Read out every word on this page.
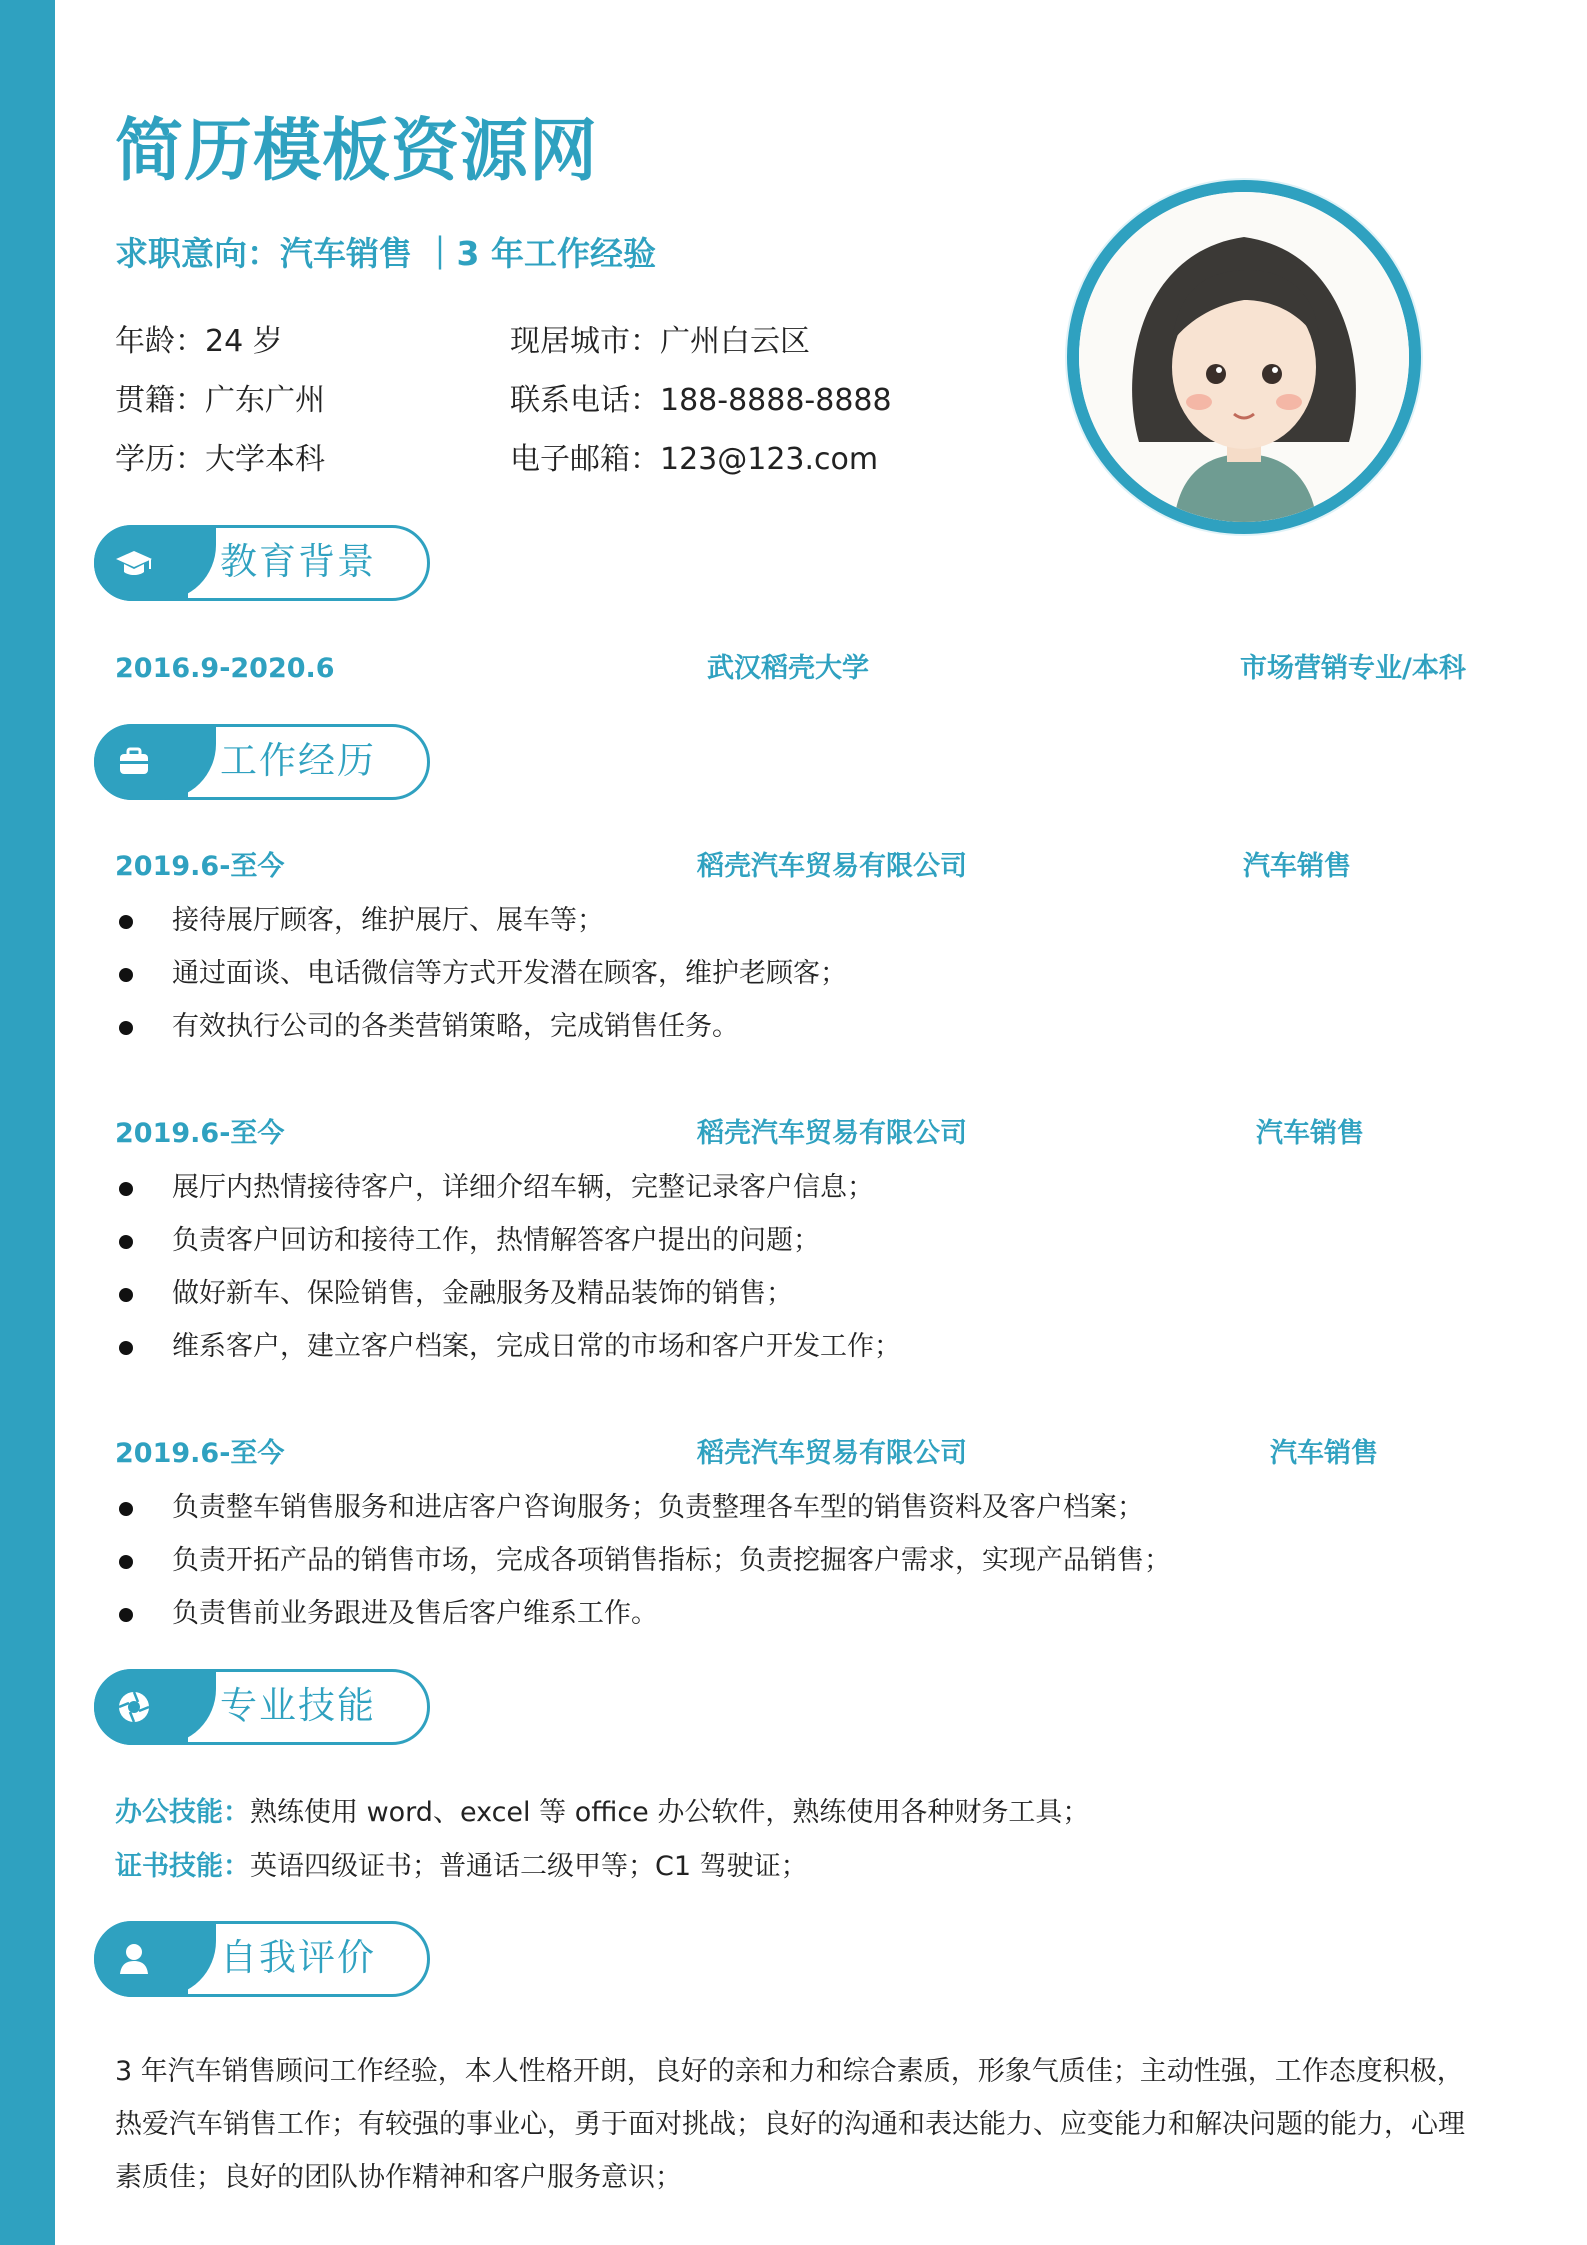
简历模板资源网
求职意向：汽车销售 ｜3 年工作经验
年龄：24 岁	现居城市：广州白云区
贯籍：广东广州	联系电话：188-8888-8888
学历：大学本科	电子邮箱：123@123.com
教育背景
2016.9-2020.6	武汉稻壳大学	市场营销专业/本科
工作经历
2019.6-至今	稻壳汽车贸易有限公司	汽车销售
接待展厅顾客，维护展厅、展车等；
通过面谈、电话微信等方式开发潜在顾客，维护老顾客；
有效执行公司的各类营销策略，完成销售任务。
2019.6-至今	稻壳汽车贸易有限公司	汽车销售
展厅内热情接待客户，详细介绍车辆，完整记录客户信息；
负责客户回访和接待工作，热情解答客户提出的问题；
做好新车、保险销售，金融服务及精品装饰的销售；
维系客户，建立客户档案，完成日常的市场和客户开发工作；
2019.6-至今	稻壳汽车贸易有限公司	汽车销售
负责整车销售服务和进店客户咨询服务；负责整理各车型的销售资料及客户档案；
负责开拓产品的销售市场，完成各项销售指标；负责挖掘客户需求，实现产品销售；
负责售前业务跟进及售后客户维系工作。
专业技能
办公技能：熟练使用 word、excel 等 office 办公软件，熟练使用各种财务工具；
证书技能：英语四级证书；普通话二级甲等；C1 驾驶证；
自我评价
3 年汽车销售顾问工作经验，本人性格开朗，良好的亲和力和综合素质，形象气质佳；主动性强，工作态度积极，热爱汽车销售工作；有较强的事业心，勇于面对挑战；良好的沟通和表达能力、应变能力和解决问题的能力，心理素质佳；良好的团队协作精神和客户服务意识；
